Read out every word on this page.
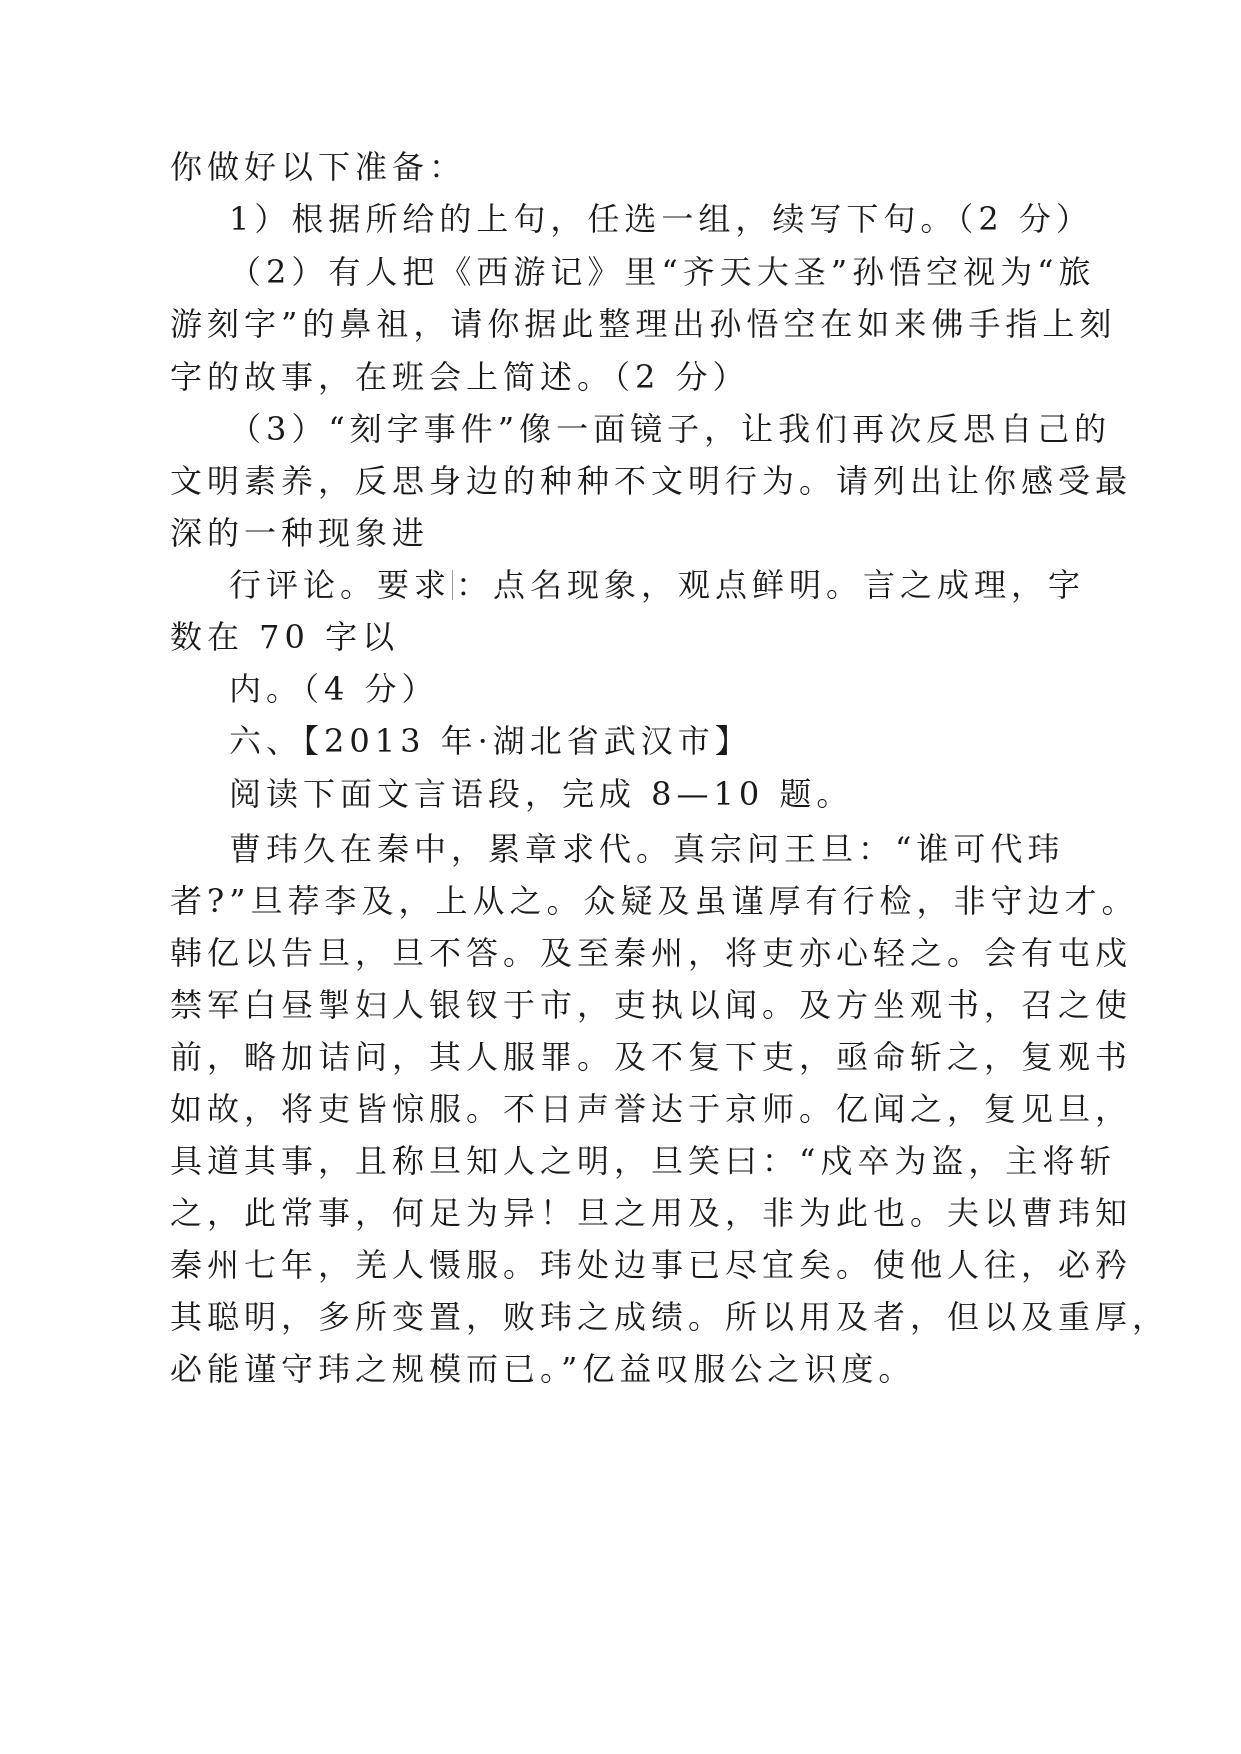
你做好以下准备：

1）根据所给的上句，任选一组，续写下句。（2 分）

（2）有人把《西游记》里“齐天大圣”孙悟空视为“旅

游刻字”的鼻祖，请你据此整理出孙悟空在如来佛手指上刻

字的故事，在班会上简述。（2 分）

（3）“刻字事件”像一面镜子，让我们再次反思自己的

文明素养，反思身边的种种不文明行为。请列出让你感受最

深的一种现象进

行评论。要求 ：点名现象，观点鲜明。言之成理，字

数在 70 字以

内。（4 分）

六、【2013 年·湖北省武汉市】

阅读下面文言语段，完成 8—10 题。

曹玮久在秦中，累章求代。真宗问王旦：“谁可代玮

者?”旦荐李及，上从之。众疑及虽谨厚有行检，非守边才。

韩亿以告旦，旦不答。及至秦州，将吏亦心轻之。会有屯戍

禁军白昼掣妇人银钗于市，吏执以闻。及方坐观书，召之使

前，略加诘问，其人服罪。及不复下吏，亟命斩之，复观书

如故，将吏皆惊服。不日声誉达于京师。亿闻之，复见旦，

具道其事，且称旦知人之明，旦笑曰：“戍卒为盗，主将斩

之，此常事，何足为异！旦之用及，非为此也。夫以曹玮知

秦州七年，羌人慑服。玮处边事已尽宜矣。使他人往，必矜

其聪明，多所变置，败玮之成绩。所以用及者，但以及重厚，

必能谨守玮之规模而已。”亿益叹服公之识度。
